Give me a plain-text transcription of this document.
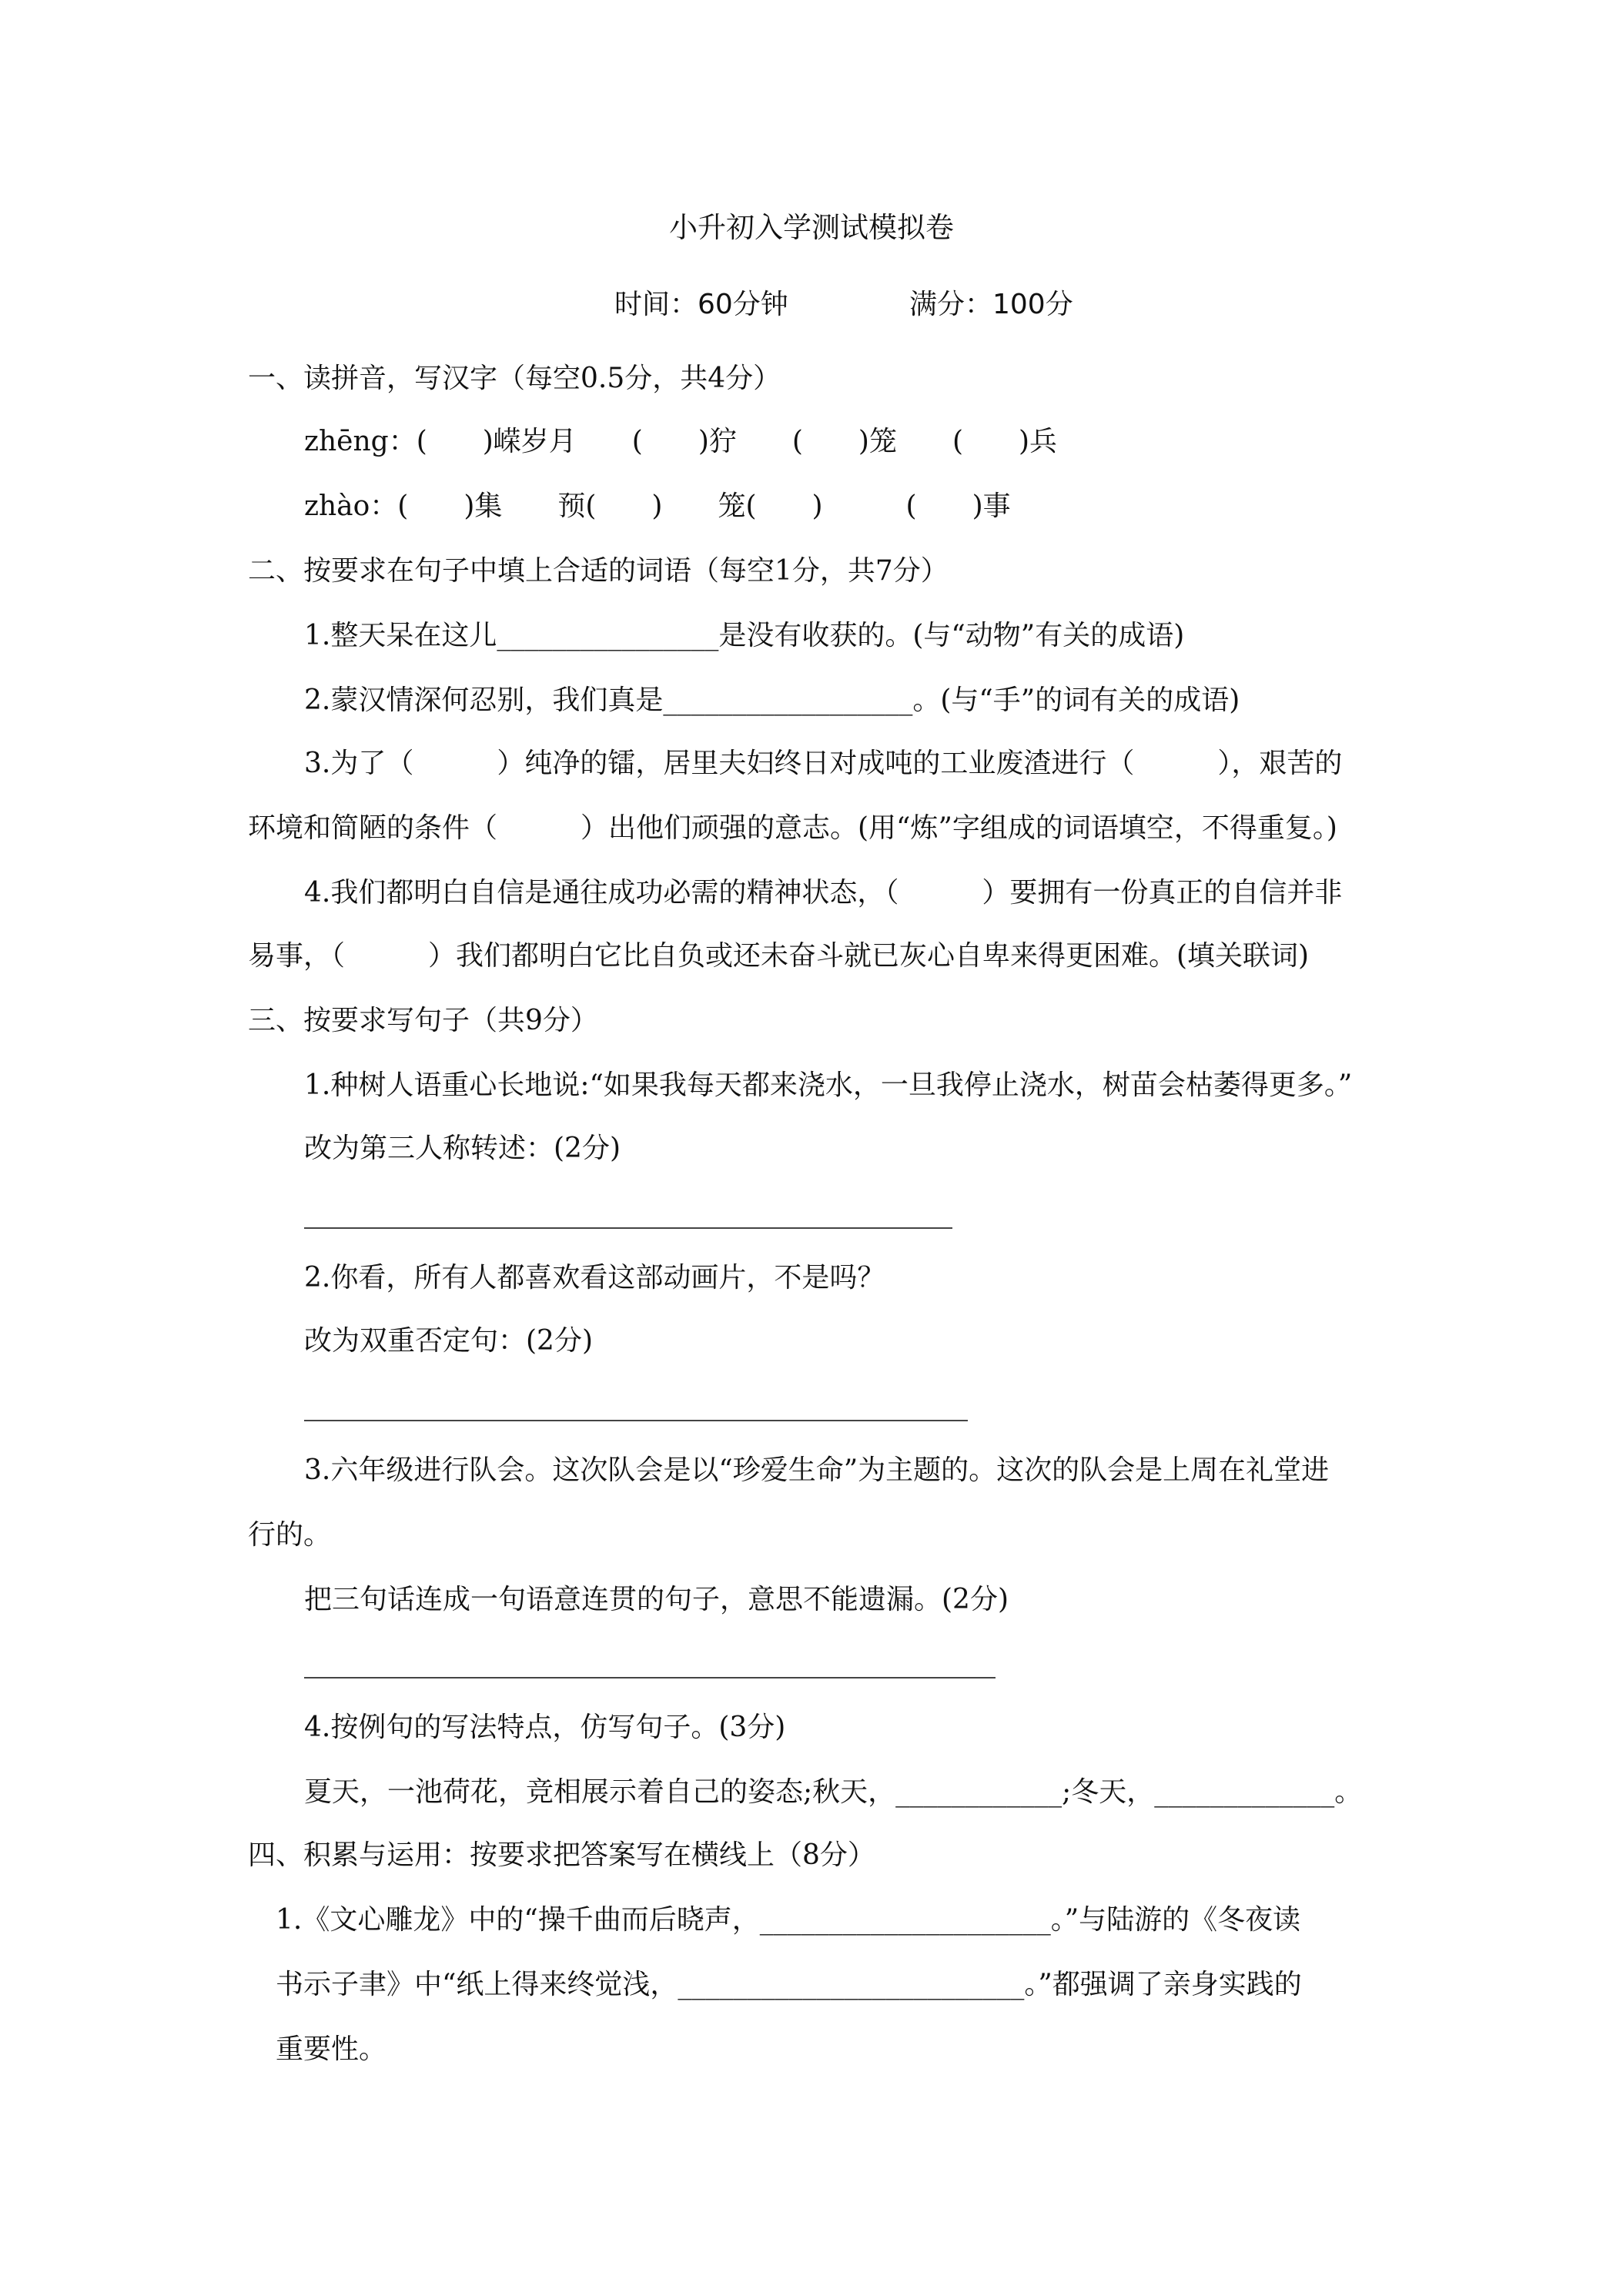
小升初入学测试模拟卷
时间：60分钟	满分：100分
一、读拼音，写汉字（每空0.5分，共4分）
zhēng：(　　)嵘岁月　　(　　)狞　　(　　)笼　　(　　)兵
zhào：(　　)集　　预(　　)　　笼(　　)　　　(　　)事
二、按要求在句子中填上合适的词语（每空1分，共7分）
1.整天呆在这儿________________是没有收获的。(与“动物”有关的成语)
2.蒙汉情深何忍别，我们真是__________________。(与“手”的词有关的成语)
3.为了（　　　）纯净的镭，居里夫妇终日对成吨的工业废渣进行（　　　），艰苦的
环境和简陋的条件（　　　）出他们顽强的意志。(用“炼”字组成的词语填空，不得重复。)
4.我们都明白自信是通往成功必需的精神状态，（　　　）要拥有一份真正的自信并非
易事，（　　　）我们都明白它比自负或还未奋斗就已灰心自卑来得更困难。(填关联词)
三、按要求写句子（共9分）
1.种树人语重心长地说:“如果我每天都来浇水，一旦我停止浇水，树苗会枯萎得更多。”
改为第三人称转述：(2分)
2.你看，所有人都喜欢看这部动画片，不是吗？
改为双重否定句：(2分)
3.六年级进行队会。这次队会是以“珍爱生命”为主题的。这次的队会是上周在礼堂进
行的。
把三句话连成一句语意连贯的句子，意思不能遗漏。(2分)
4.按例句的写法特点，仿写句子。(3分)
夏天，一池荷花，竞相展示着自己的姿态;秋天，____________;冬天，_____________。
四、积累与运用：按要求把答案写在横线上（8分）
1.《文心雕龙》中的“操千曲而后晓声，_____________________。”与陆游的《冬夜读
书示子聿》中“纸上得来终觉浅，_________________________。”都强调了亲身实践的
重要性。
